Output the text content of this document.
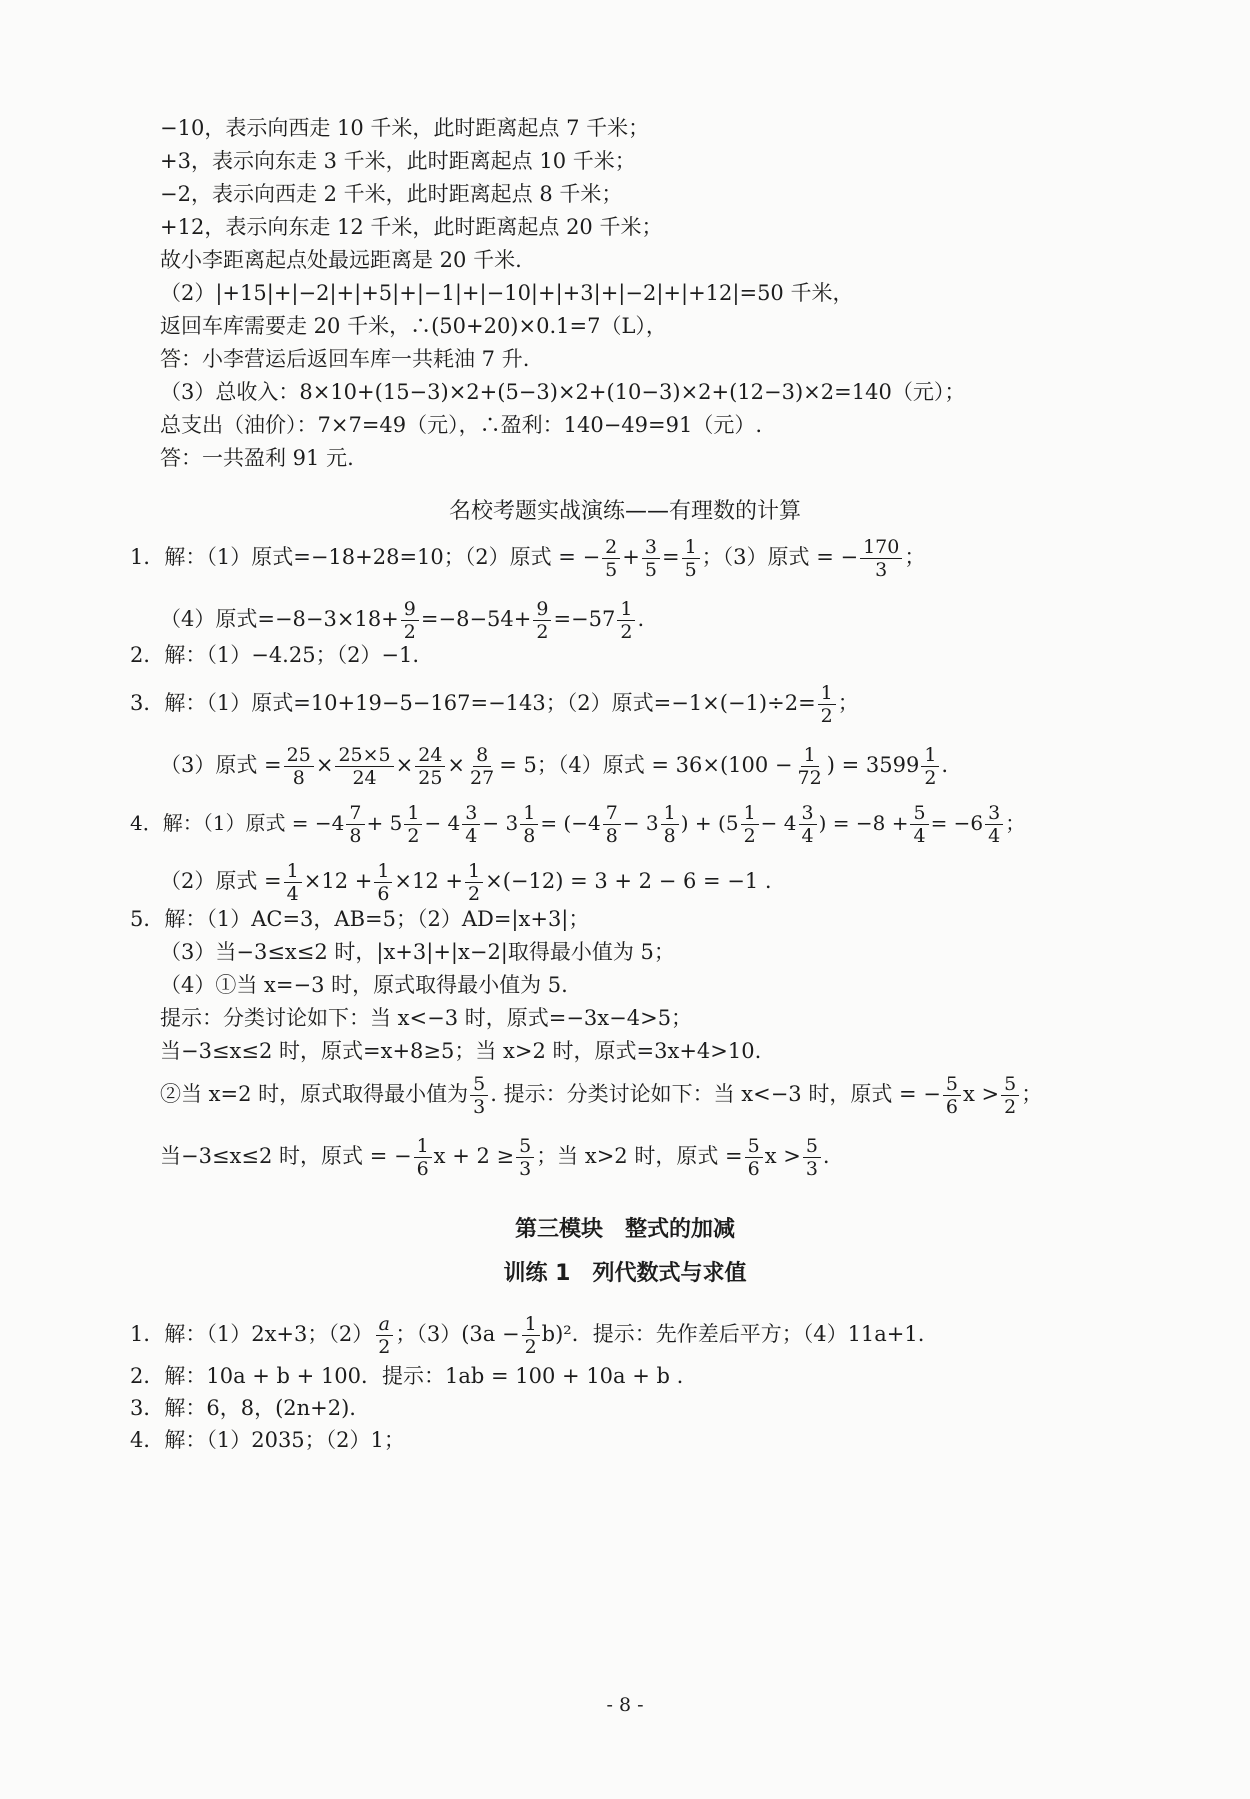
−10，表示向西走 10 千米，此时距离起点 7 千米；
+3，表示向东走 3 千米，此时距离起点 10 千米；
−2，表示向西走 2 千米，此时距离起点 8 千米；
+12，表示向东走 12 千米，此时距离起点 20 千米；
故小李距离起点处最远距离是 20 千米.
（2）|+15|+|−2|+|+5|+|−1|+|−10|+|+3|+|−2|+|+12|=50 千米，
返回车库需要走 20 千米，∴(50+20)×0.1=7（L），
答：小李营运后返回车库一共耗油 7 升.
（3）总收入：8×10+(15−3)×2+(5−3)×2+(10−3)×2+(12−3)×2=140（元）；
总支出（油价）：7×7=49（元），∴盈利：140−49=91（元）.
答：一共盈利 91 元.
名校考题实战演练——有理数的计算
1．解：（1）原式=−18+28=10；（2）原式 = − $\frac{2}{5} + \frac{3}{5} = \frac{1}{5}$ ；（3）原式 = − $\frac{170}{3}$ ；
（4）原式$=-8-3\times 18+ \frac{9}{2} =-8-54+ \frac{9}{2} =-57 \frac{1}{2}$ .
2．解：（1）−4.25；（2）−1.
3．解：（1）原式=10+19−5−167=−143；（2）原式$=-1\times(-1)\div 2= \frac{1}{2}$ ；
（3）原式 = $\frac{25}{8} \times \frac{25\times 5}{24} \times \frac{24}{25} \times \frac{8}{27} = 5$；（4）原式 = $36\times(100 - \frac{1}{72}$ ) = $3599 \frac{1}{2}$ .
4．解：（1）原式 = $-4 \frac{7}{8} + 5 \frac{1}{2} - 4 \frac{3}{4} - 3 \frac{1}{8} = (-4 \frac{7}{8} - 3 \frac{1}{8}$ ) + ($5 \frac{1}{2} - 4 \frac{3}{4}$ ) = $-8 + \frac{5}{4} = -6 \frac{3}{4}$ ；
（2）原式 = $\frac{1}{4} \times 12 + \frac{1}{6} \times 12 + \frac{1}{2} \times(-12) = 3 + 2 - 6 = -1$ .
5．解：（1）AC=3，AB=5；（2）AD=|x+3|；
（3）当−3≤x≤2 时，|x+3|+|x−2|取得最小值为 5；
（4）①当 x=−3 时，原式取得最小值为 5.
提示：分类讨论如下：当 x<−3 时，原式=−3x−4>5；
当−3≤x≤2 时，原式=x+8≥5；当 x>2 时，原式=3x+4>10.
②当 x=2 时，原式取得最小值为 $\frac{5}{3}$ . 提示：分类讨论如下：当 x<−3 时，原式 = − $\frac{5}{6}$ $x > \frac{5}{2}$ ；
当−3≤x≤2 时，原式 = − $\frac{1}{6}$ $x + 2 \ge \frac{5}{3}$ ；当 x>2 时，原式 = $\frac{5}{6}$ $x > \frac{5}{3}$ .
第三模块　整式的加减
训练 1　列代数式与求值
1．解：（1）2x+3；$(2) \frac{a}{2}$ ；$(3)(3a - \frac{1}{2} b)^2$．提示：先作差后平方；（4）11a+1.
2．解：10a + b + 100．提示：1ab = 100 + 10a + b .
3．解：6，8，(2n+2).
4．解：（1）2035；（2）1；
- 8 -
